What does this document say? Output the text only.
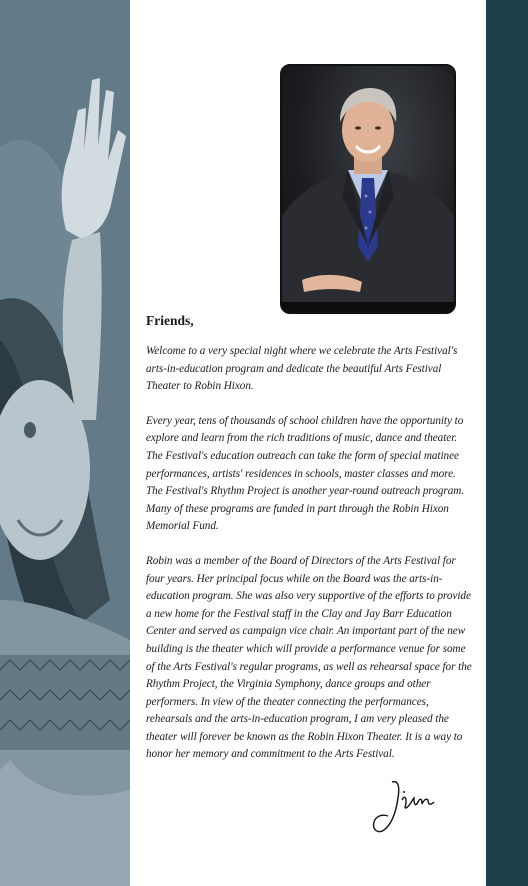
Friends,

Welcome to a very special night where we celebrate the Arts Festival's arts-in-education program and dedicate the beautiful Arts Festival Theater to Robin Hixon.

Every year, tens of thousands of school children have the opportunity to explore and learn from the rich traditions of music, dance and theater. The Festival's education outreach can take the form of special matinee performances, artists' residences in schools, master classes and more. The Festival's Rhythm Project is another year-round outreach program. Many of these programs are funded in part through the Robin Hixon Memorial Fund.

Robin was a member of the Board of Directors of the Arts Festival for four years. Her principal focus while on the Board was the arts-in-education program. She was also very supportive of the efforts to provide a new home for the Festival staff in the Clay and Jay Barr Education Center and served as campaign vice chair. An important part of the new building is the theater which will provide a performance venue for some of the Arts Festival's regular programs, as well as rehearsal space for the Rhythm Project, the Virginia Symphony, dance groups and other performers. In view of the theater connecting the performances, rehearsals and the arts-in-education program, I am very pleased the theater will forever be known as the Robin Hixon Theater. It is a way to honor her memory and commitment to the Arts Festival.
